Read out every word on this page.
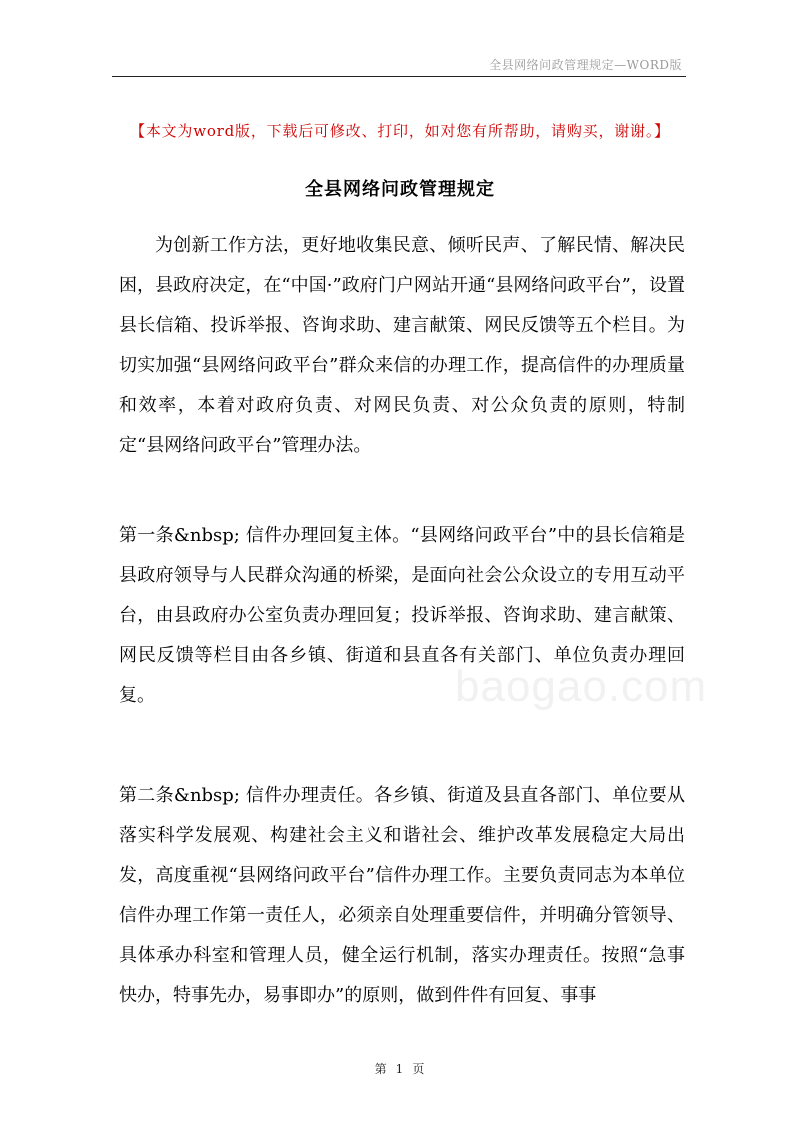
全县网络问政管理规定—WORD版
【本文为word版，下载后可修改、打印，如对您有所帮助，请购买，谢谢。】
全县网络问政管理规定

为创新工作方法，更好地收集民意、倾听民声、了解民情、解决民困，县政府决定，在“中国·”政府门户网站开通“县网络问政平台”，设置县长信箱、投诉举报、咨询求助、建言献策、网民反馈等五个栏目。为切实加强“县网络问政平台”群众来信的办理工作，提高信件的办理质量和效率，本着对政府负责、对网民负责、对公众负责的原则，特制定“县网络问政平台”管理办法。

第一条&nbsp; 信件办理回复主体。“县网络问政平台”中的县长信箱是县政府领导与人民群众沟通的桥梁，是面向社会公众设立的专用互动平台，由县政府办公室负责办理回复；投诉举报、咨询求助、建言献策、网民反馈等栏目由各乡镇、街道和县直各有关部门、单位负责办理回复。

第二条&nbsp; 信件办理责任。各乡镇、街道及县直各部门、单位要从落实科学发展观、构建社会主义和谐社会、维护改革发展稳定大局出发，高度重视“县网络问政平台”信件办理工作。主要负责同志为本单位信件办理工作第一责任人，必须亲自处理重要信件，并明确分管领导、具体承办科室和管理人员，健全运行机制，落实办理责任。按照“急事快办，特事先办，易事即办”的原则，做到件件有回复、事事

baogao.com
第 1 页
